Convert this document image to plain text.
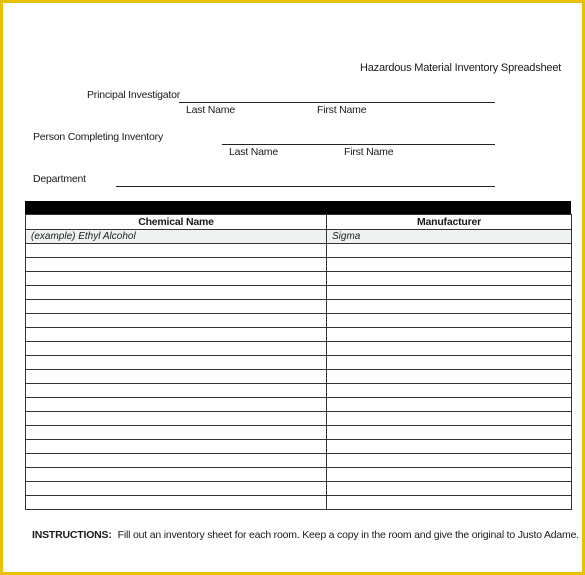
Hazardous Material Inventory Spreadsheet
Principal Investigator
Last Name	First Name
Person Completing Inventory
Last Name	First Name
Department
Chemical Name	Manufacturer
(example) Ethyl Alcohol	Sigma

INSTRUCTIONS: Fill out an inventory sheet for each room. Keep a copy in the room and give the original to Justo Adame.
